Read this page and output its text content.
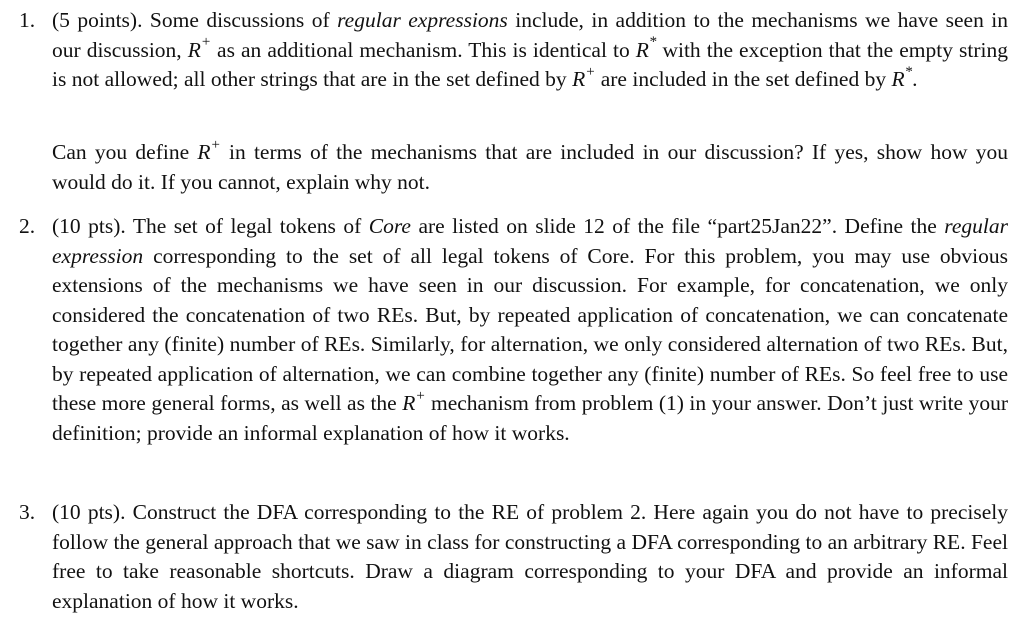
1. (5 points). Some discussions of regular expressions include, in addition to the mechanisms we have seen in our discussion, R+ as an additional mechanism. This is identical to R* with the exception that the empty string is not allowed; all other strings that are in the set defined by R+ are included in the set defined by R*.
Can you define R+ in terms of the mechanisms that are included in our discussion? If yes, show how you would do it. If you cannot, explain why not.
2. (10 pts). The set of legal tokens of Core are listed on slide 12 of the file “part25Jan22”. Define the regular expression corresponding to the set of all legal tokens of Core. For this problem, you may use obvious extensions of the mechanisms we have seen in our discussion. For example, for concatenation, we only considered the concatenation of two REs. But, by repeated application of concatenation, we can concatenate together any (finite) number of REs. Similarly, for alternation, we only considered alternation of two REs. But, by repeated application of alternation, we can combine together any (finite) number of REs. So feel free to use these more general forms, as well as the R+ mechanism from problem (1) in your answer. Don’t just write your definition; provide an informal explanation of how it works.
3. (10 pts). Construct the DFA corresponding to the RE of problem 2. Here again you do not have to precisely follow the general approach that we saw in class for constructing a DFA corresponding to an arbitrary RE. Feel free to take reasonable shortcuts. Draw a diagram corresponding to your DFA and provide an informal explanation of how it works.
